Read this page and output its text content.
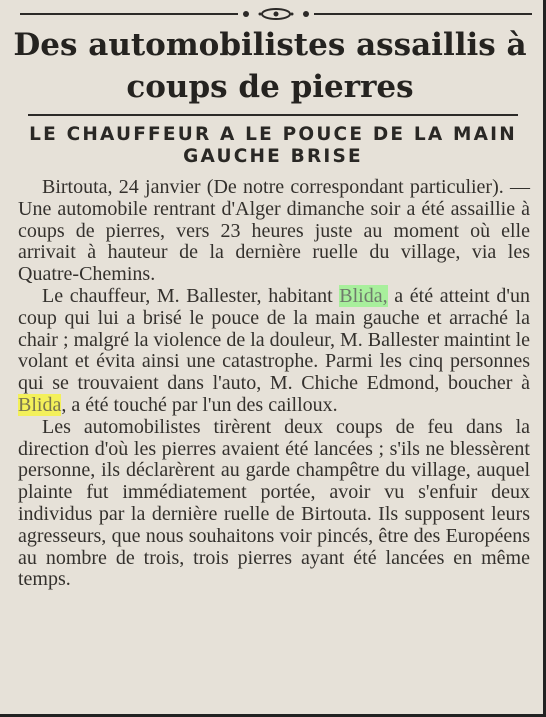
Des automobilistes assaillis à coups de pierres
LE CHAUFFEUR A LE POUCE DE LA MAIN GAUCHE BRISE

Birtouta, 24 janvier (De notre correspondant particulier). — Une automobile rentrant d'Alger dimanche soir a été assaillie à coups de pierres, vers 23 heures juste au moment où elle arrivait à hauteur de la dernière ruelle du village, via les Quatre-Chemins.

Le chauffeur, M. Ballester, habitant Blida, a été atteint d'un coup qui lui a brisé le pouce de la main gauche et arraché la chair ; malgré la violence de la douleur, M. Ballester maintint le volant et évita ainsi une catastrophe. Parmi les cinq personnes qui se trouvaient dans l'auto, M. Chiche Edmond, boucher à Blida, a été touché par l'un des cailloux.

Les automobilistes tirèrent deux coups de feu dans la direction d'où les pierres avaient été lancées ; s'ils ne blessèrent personne, ils déclarèrent au garde champêtre du village, auquel plainte fut immédiatement portée, avoir vu s'enfuir deux individus par la dernière ruelle de Birtouta. Ils supposent leurs agresseurs, que nous souhaitons voir pincés, être des Européens au nombre de trois, trois pierres ayant été lancées en même temps.
